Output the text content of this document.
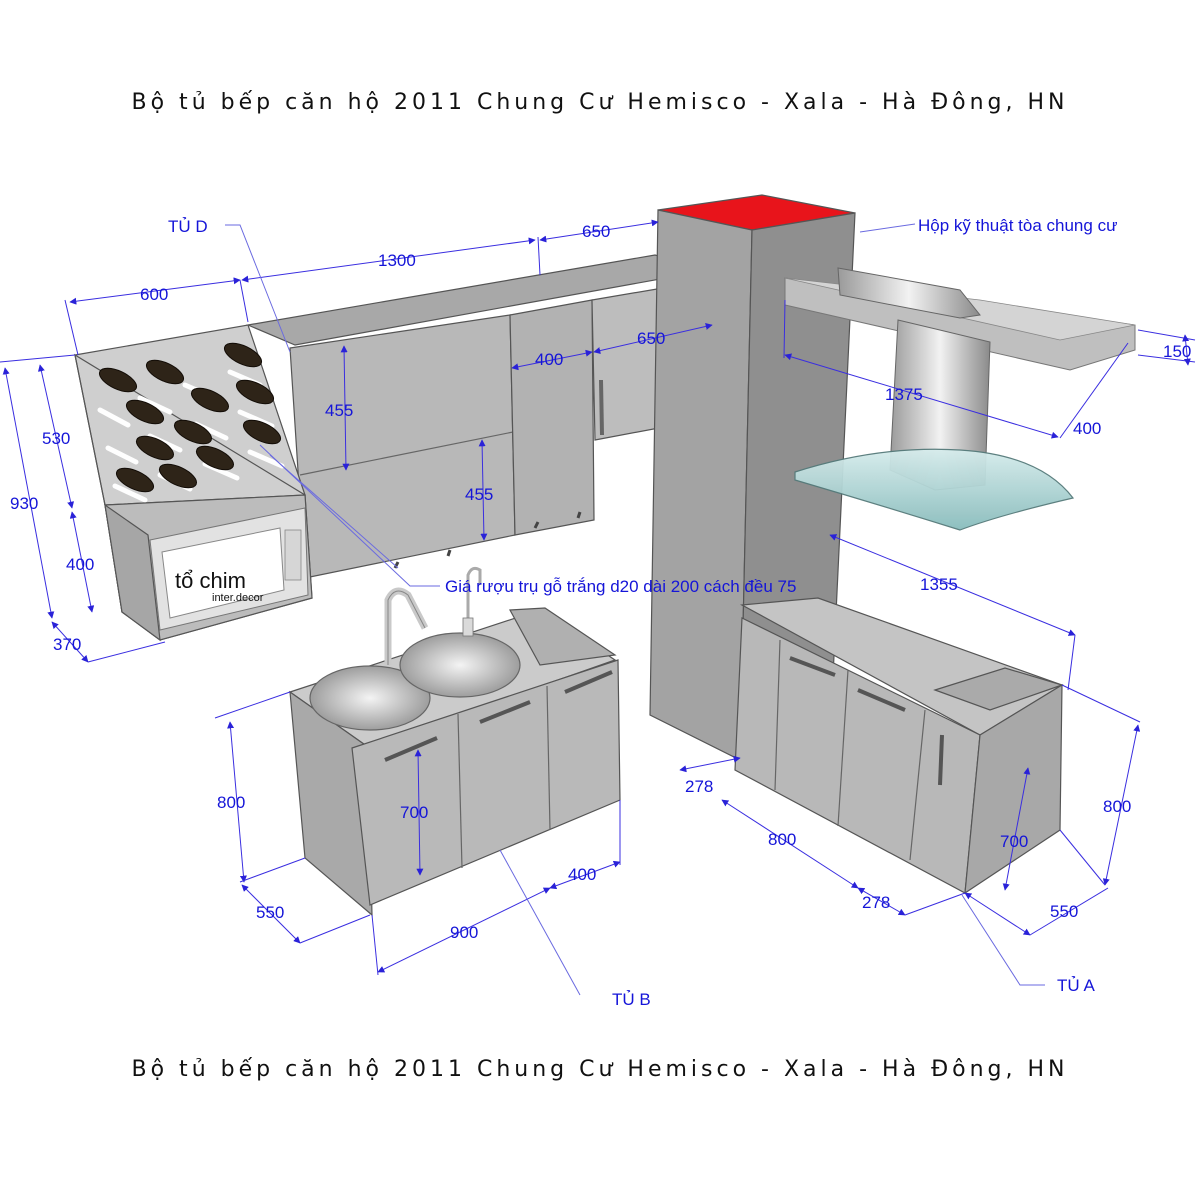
Bộ tủ bếp căn hộ 2011 Chung Cư Hemisco - Xala - Hà Đông, HN
tổ chim
inter.decor
600
1300
650
650
400
455
455
930
530
400
370
1375
150
400
1355
800
700
550
900
400
278
800
278
700
800
550
TỦ D
TỦ B
TỦ A
Hộp kỹ thuật tòa chung cư
Giá rượu trụ gỗ trắng d20 dài 200 cách đều 75
Bộ tủ bếp căn hộ 2011 Chung Cư Hemisco - Xala - Hà Đông, HN
